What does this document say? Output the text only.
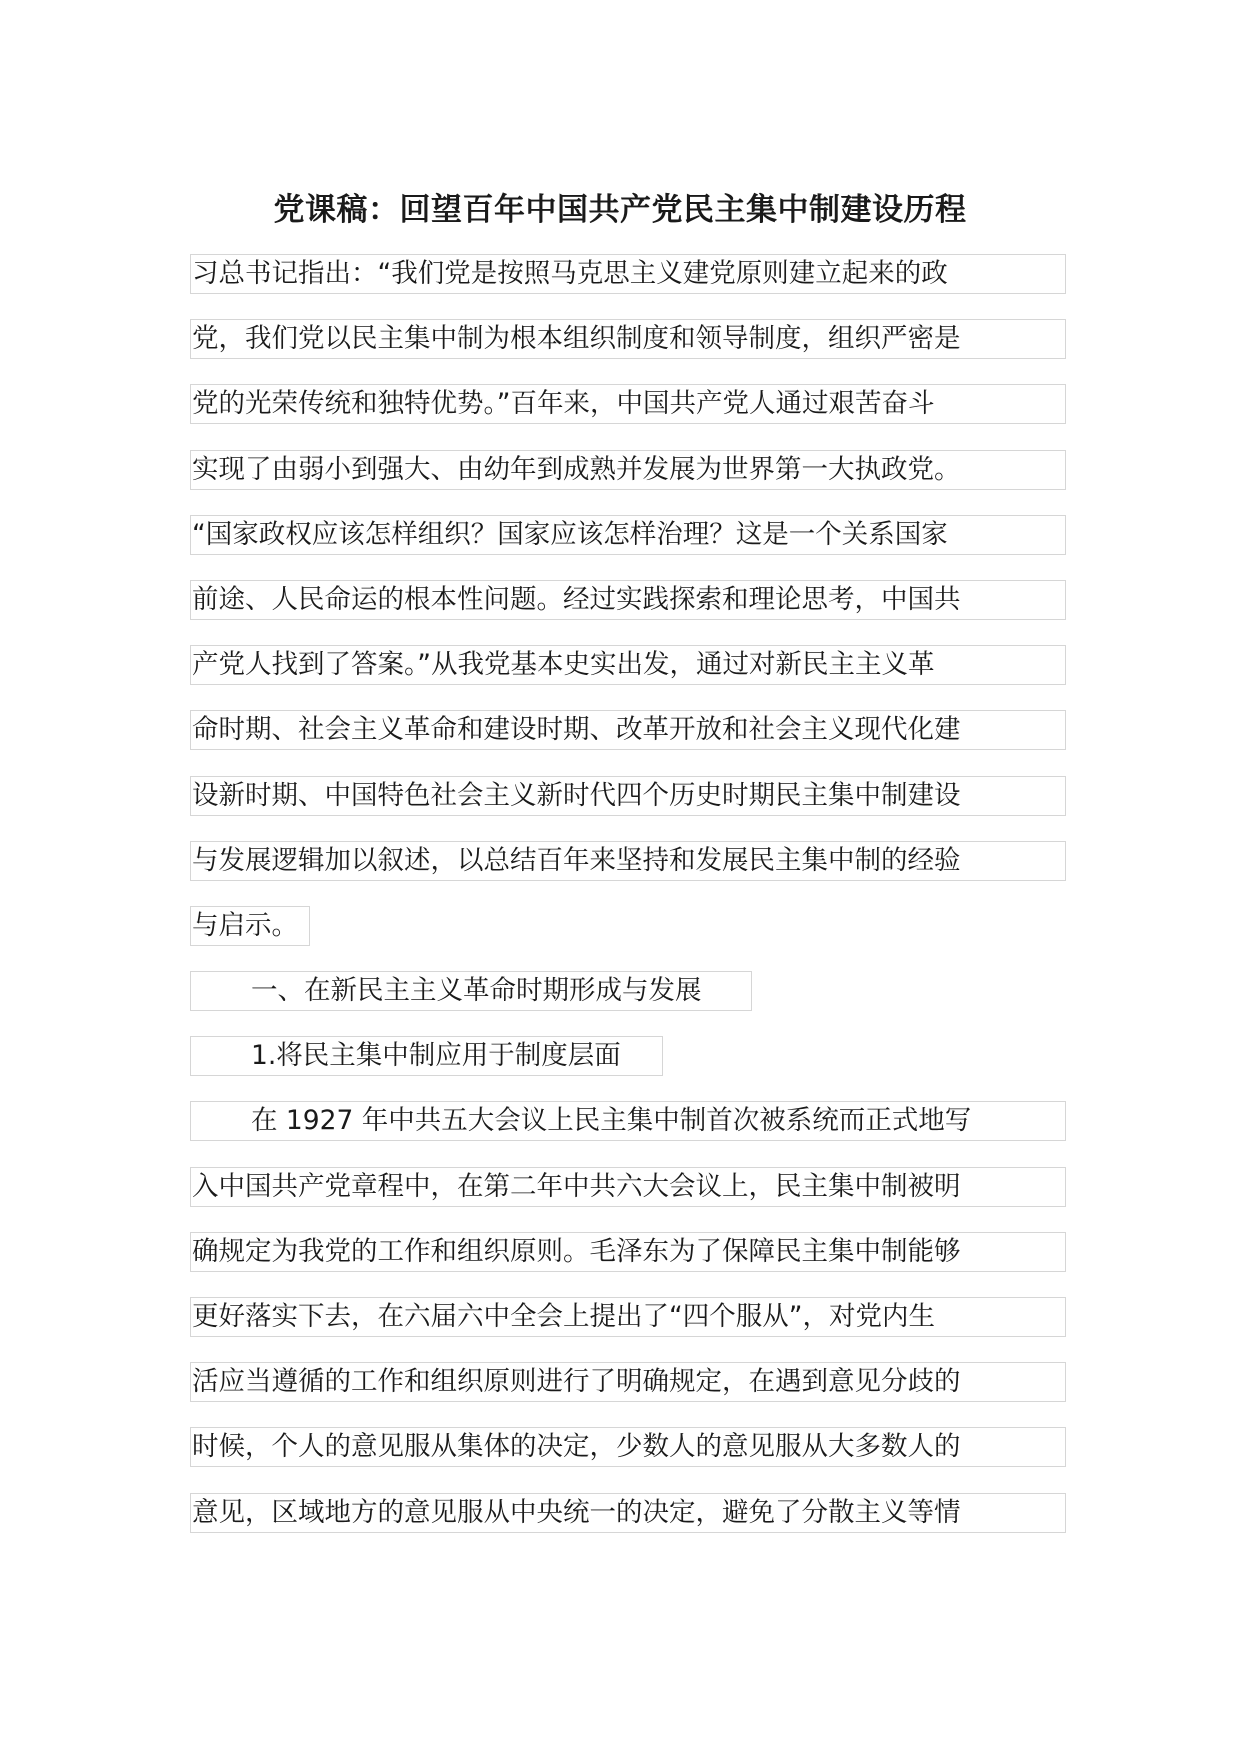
党课稿：回望百年中国共产党民主集中制建设历程
习总书记指出：“我们党是按照马克思主义建党原则建立起来的政
党，我们党以民主集中制为根本组织制度和领导制度，组织严密是
党的光荣传统和独特优势。”百年来，中国共产党人通过艰苦奋斗
实现了由弱小到强大、由幼年到成熟并发展为世界第一大执政党。
“国家政权应该怎样组织？国家应该怎样治理？这是一个关系国家
前途、人民命运的根本性问题。经过实践探索和理论思考，中国共
产党人找到了答案。”从我党基本史实出发，通过对新民主主义革
命时期、社会主义革命和建设时期、改革开放和社会主义现代化建
设新时期、中国特色社会主义新时代四个历史时期民主集中制建设
与发展逻辑加以叙述，以总结百年来坚持和发展民主集中制的经验
与启示。
一、在新民主主义革命时期形成与发展
1.将民主集中制应用于制度层面
在 1927 年中共五大会议上民主集中制首次被系统而正式地写
入中国共产党章程中，在第二年中共六大会议上，民主集中制被明
确规定为我党的工作和组织原则。毛泽东为了保障民主集中制能够
更好落实下去，在六届六中全会上提出了“四个服从”，对党内生
活应当遵循的工作和组织原则进行了明确规定，在遇到意见分歧的
时候，个人的意见服从集体的决定，少数人的意见服从大多数人的
意见，区域地方的意见服从中央统一的决定，避免了分散主义等情
